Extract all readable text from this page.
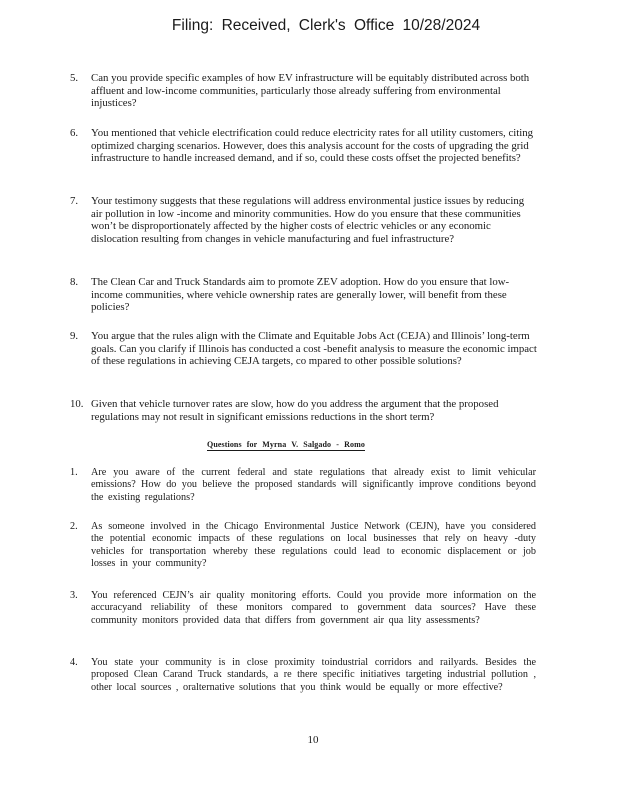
Filing: Received, Clerk's Office 10/28/2024
5. Can you provide specific examples of how EV infrastructure will be equitably distributed across both affluent and low-income communities, particularly those already suffering from environmental injustices?
6. You mentioned that vehicle electrification could reduce electricity rates for all utility customers, citing optimized charging scenarios. However, does this analysis account for the costs of upgrading the grid infrastructure to handle increased demand, and if so, could these costs offset the projected benefits?
7. Your testimony suggests that these regulations will address environmental justice issues by reducing air pollution in low -income and minority communities. How do you ensure that these communities won’t be disproportionately affected by the higher costs of electric vehicles or any economic dislocation resulting from changes in vehicle manufacturing and fuel infrastructure?
8. The Clean Car and Truck Standards aim to promote ZEV adoption. How do you ensure that low-income communities, where vehicle ownership rates are generally lower, will benefit from these policies?
9. You argue that the rules align with the Climate and Equitable Jobs Act (CEJA) and Illinois’ long-term goals. Can you clarify if Illinois has conducted a cost -benefit analysis to measure the economic impact of these regulations in achieving CEJA targets, co mpared to other possible solutions?
10. Given that vehicle turnover rates are slow, how do you address the argument that the proposed regulations may not result in significant emissions reductions in the short term?
Questions for Myrna V. Salgado - Romo
1. Are you aware of the current federal and state regulations that already exist to limit vehicular emissions? How do you believe the proposed standards will significantly improve conditions beyond the existing regulations?
2. As someone involved in the Chicago Environmental Justice Network (CEJN), have you considered the potential economic impacts of these regulations on local businesses that rely on heavy -duty vehicles for transportation whereby these regulations could lead to economic displacement or job losses in your community?
3. You referenced CEJN’s air quality monitoring efforts. Could you provide more information on the accuracyand reliability of these monitors compared to government data sources? Have these community monitors provided data that differs from government air qua lity assessments?
4. You state your community is in close proximity toindustrial corridors and railyards. Besides the proposed Clean Carand Truck standards, a re there specific initiatives targeting industrial pollution , other local sources , oralternative solutions that you think would be equally or more effective?
10
